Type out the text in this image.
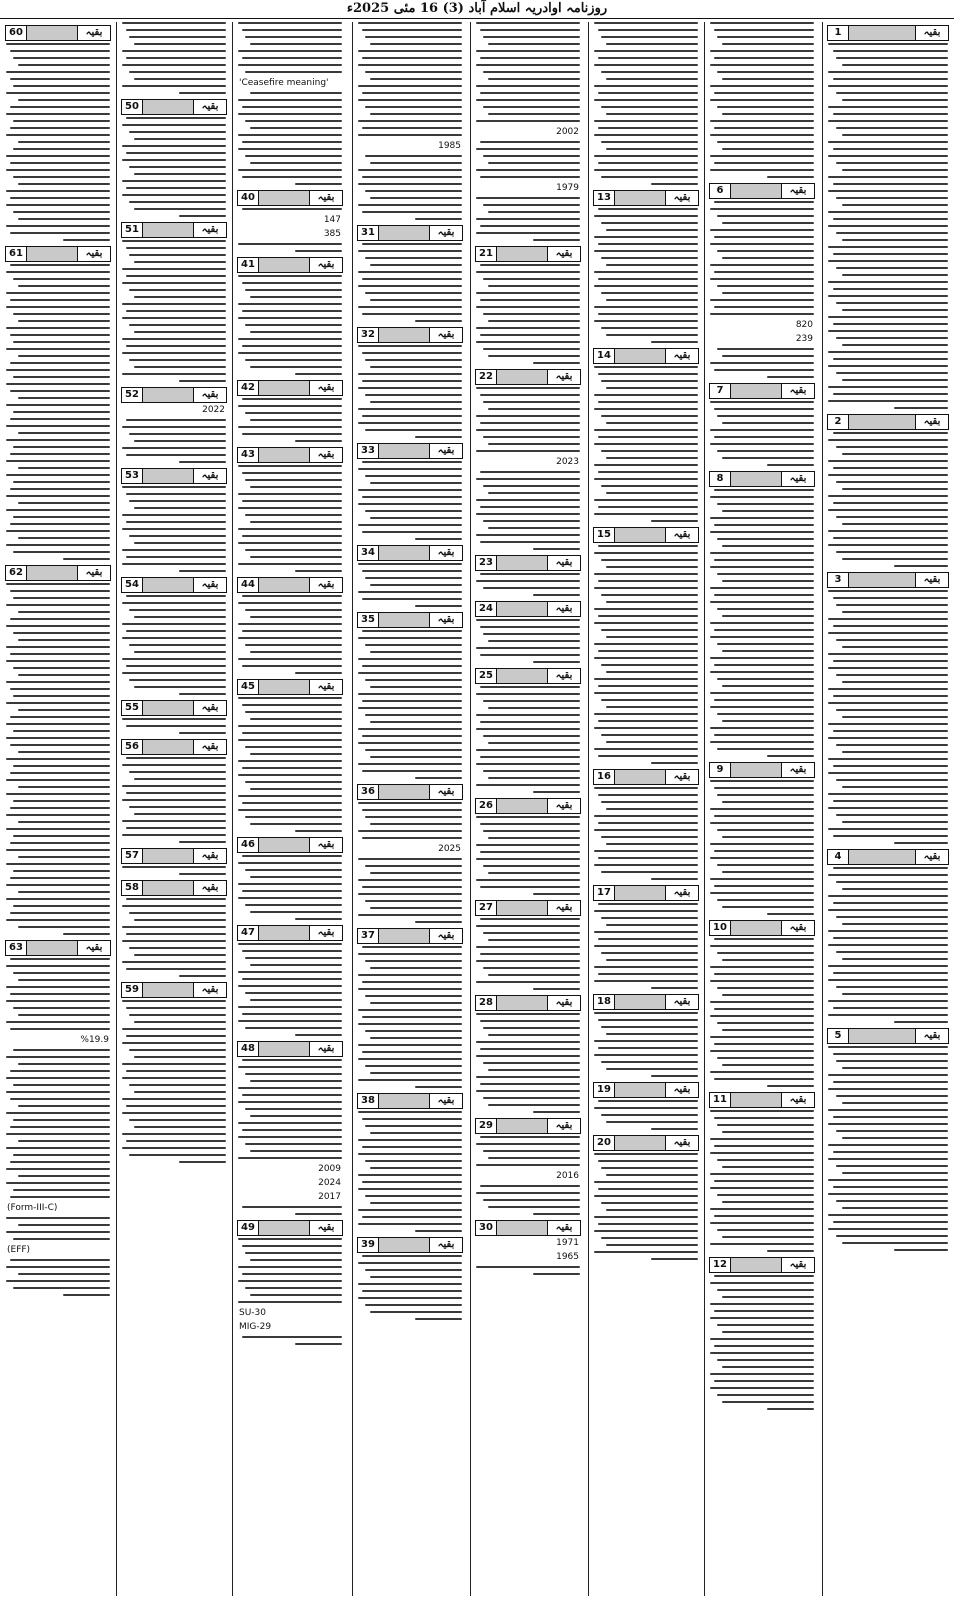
روزنامہ اوادریہ اسلام آباد (3) 16 مئی 2025ء
60	بقیہ
61	بقیہ
62	بقیہ
63	بقیہ
%19.9
(Form-III-C)
(EFF)
50	بقیہ
51	بقیہ
52	بقیہ
2022
53	بقیہ
54	بقیہ
55	بقیہ
56	بقیہ
57	بقیہ
58	بقیہ
59	بقیہ
'Ceasefire meaning'
40	بقیہ
147
385
41	بقیہ
42	بقیہ
43	بقیہ
44	بقیہ
45	بقیہ
46	بقیہ
47	بقیہ
48	بقیہ
2009
2024
2017
49	بقیہ
SU-30
MIG-29
1985
31	بقیہ
32	بقیہ
33	بقیہ
34	بقیہ
35	بقیہ
36	بقیہ
2025
37	بقیہ
38	بقیہ
39	بقیہ
2002
1979
21	بقیہ
22	بقیہ
2023
23	بقیہ
24	بقیہ
25	بقیہ
26	بقیہ
27	بقیہ
28	بقیہ
29	بقیہ
2016
30	بقیہ
1971
1965
13	بقیہ
14	بقیہ
15	بقیہ
16	بقیہ
17	بقیہ
18	بقیہ
19	بقیہ
20	بقیہ
6	بقیہ
820
239
7	بقیہ
8	بقیہ
9	بقیہ
10	بقیہ
11	بقیہ
12	بقیہ
1	بقیہ
2	بقیہ
3	بقیہ
4	بقیہ
5	بقیہ
